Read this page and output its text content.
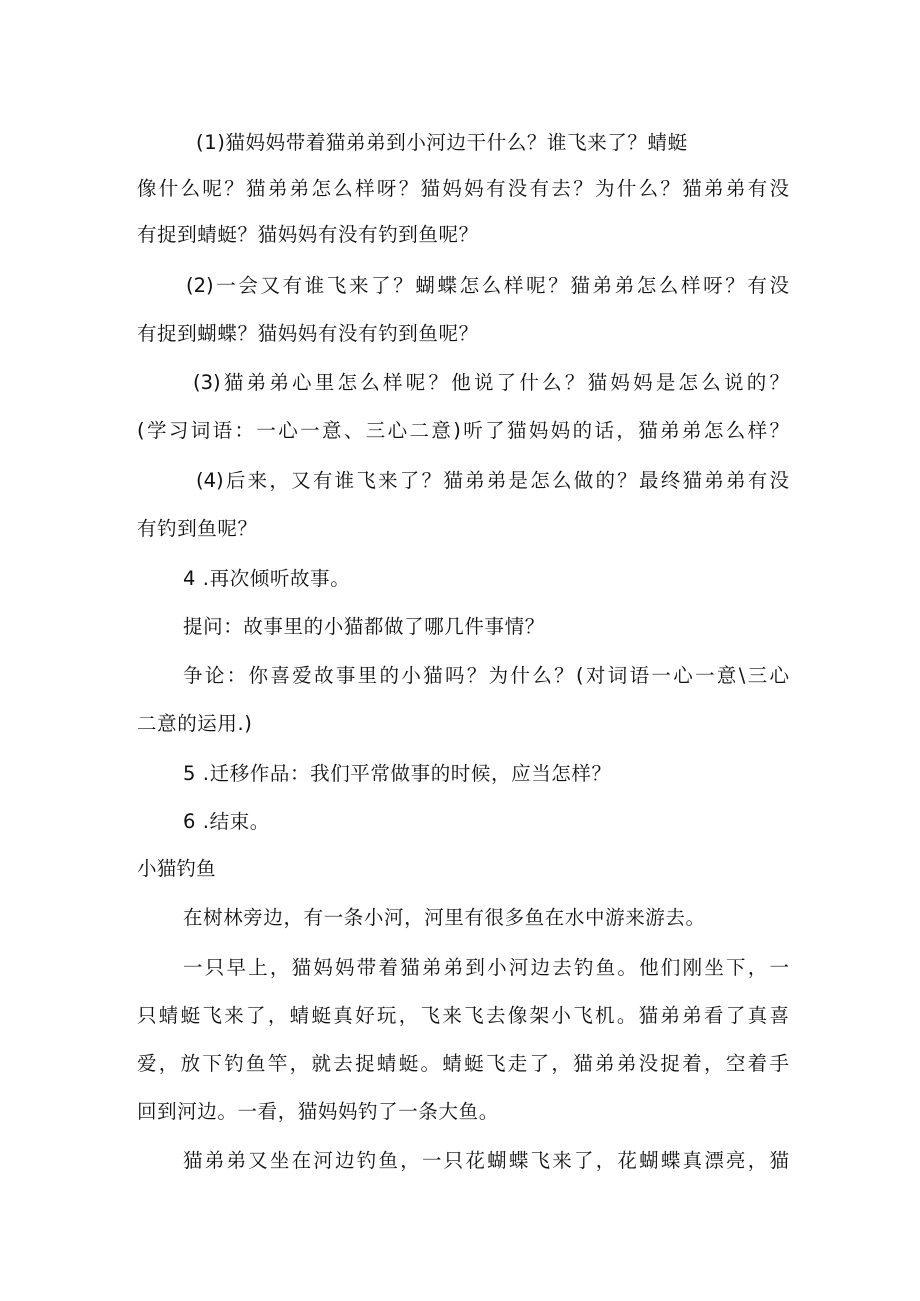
(1)猫妈妈带着猫弟弟到小河边干什么？谁飞来了？蜻蜓
像什么呢？猫弟弟怎么样呀？猫妈妈有没有去？为什么？猫弟弟有没
有捉到蜻蜓？猫妈妈有没有钓到鱼呢？
(2)一会又有谁飞来了？蝴蝶怎么样呢？猫弟弟怎么样呀？有没
有捉到蝴蝶？猫妈妈有没有钓到鱼呢？
(3)猫弟弟心里怎么样呢？他说了什么？猫妈妈是怎么说的？
(学习词语：一心一意、三心二意)听了猫妈妈的话，猫弟弟怎么样？
(4)后来，又有谁飞来了？猫弟弟是怎么做的？最终猫弟弟有没
有钓到鱼呢？
4 .再次倾听故事。
提问：故事里的小猫都做了哪几件事情？
争论：你喜爱故事里的小猫吗？为什么？(对词语一心一意\三心
二意的运用.)
5 .迁移作品：我们平常做事的时候，应当怎样？
6 .结束。
小猫钓鱼
在树林旁边，有一条小河，河里有很多鱼在水中游来游去。
一只早上，猫妈妈带着猫弟弟到小河边去钓鱼。他们刚坐下，一
只蜻蜓飞来了，蜻蜓真好玩，飞来飞去像架小飞机。猫弟弟看了真喜
爱，放下钓鱼竿，就去捉蜻蜓。蜻蜓飞走了，猫弟弟没捉着，空着手
回到河边。一看，猫妈妈钓了一条大鱼。
猫弟弟又坐在河边钓鱼，一只花蝴蝶飞来了，花蝴蝶真漂亮，猫
